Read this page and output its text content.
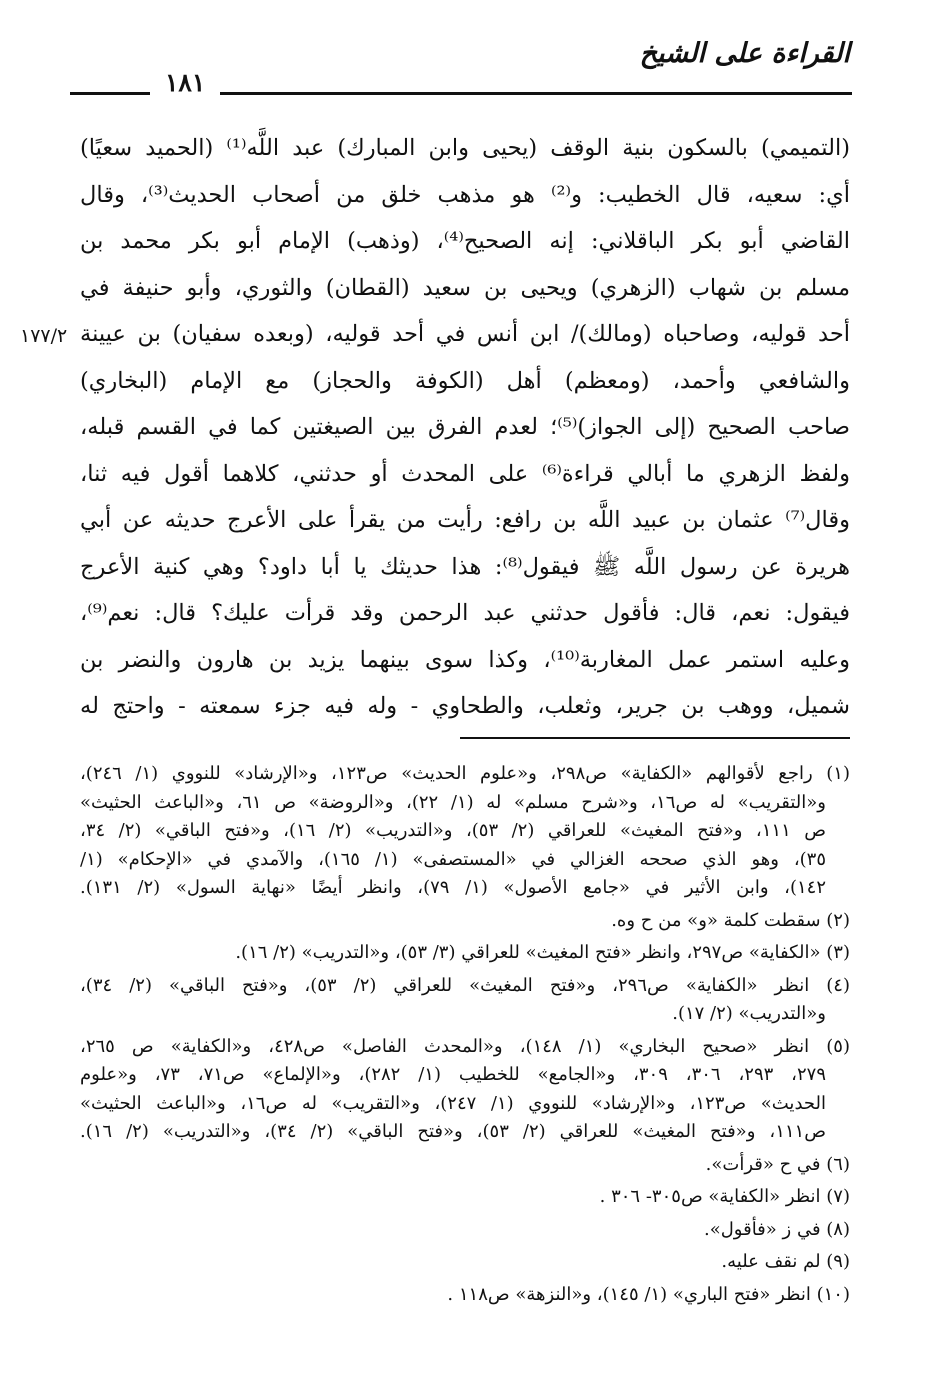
القراءة على الشيخ
١٨١
١٧٧/٢
(التميمي) بالسكون بنية الوقف (يحيى وابن المبارك) عبد اللَّه⁽¹⁾ (الحميد سعيًا)
أي: سعيه، قال الخطيب: و⁽²⁾ هو مذهب خلق من أصحاب الحديث⁽³⁾، وقال
القاضي أبو بكر الباقلاني: إنه الصحيح⁽⁴⁾، (وذهب) الإمام أبو بكر محمد بن
مسلم بن شهاب (الزهري) ويحيى بن سعيد (القطان) والثوري، وأبو حنيفة في
أحد قوليه، وصاحباه (ومالك)/ ابن أنس في أحد قوليه، (وبعده سفيان) بن عيينة
والشافعي وأحمد، (ومعظم) أهل (الكوفة والحجاز) مع الإمام (البخاري)
صاحب الصحيح (إلى الجواز)⁽⁵⁾؛ لعدم الفرق بين الصيغتين كما في القسم قبله،
ولفظ الزهري ما أبالي قراءة⁽⁶⁾ على المحدث أو حدثني، كلاهما أقول فيه ثنا،
وقال⁽⁷⁾ عثمان بن عبيد اللَّه بن رافع: رأيت من يقرأ على الأعرج حديثه عن أبي
هريرة عن رسول اللَّه ﷺ فيقول⁽⁸⁾: هذا حديثك يا أبا داود؟ وهي كنية الأعرج
فيقول: نعم، قال: فأقول حدثني عبد الرحمن وقد قرأت عليك؟ قال: نعم⁽⁹⁾،
وعليه استمر عمل المغاربة⁽¹⁰⁾، وكذا سوى بينهما يزيد بن هارون والنضر بن
شميل، ووهب بن جرير، وثعلب، والطحاوي - وله فيه جزء سمعته - واحتج له
(١) راجع لأقوالهم «الكفاية» ص٢٩٨، و«علوم الحديث» ص١٢٣، و«الإرشاد» للنووي (١/ ٢٤٦)،
و«التقريب» له ص١٦، و«شرح مسلم» له (١/ ٢٢)، و«الروضة» ص ٦١، و«الباعث الحثيث»
ص ١١١، و«فتح المغيث» للعراقي (٢/ ٥٣)، و«التدريب» (٢/ ١٦)، و«فتح الباقي» (٢/ ٣٤،
٣٥)، وهو الذي صححه الغزالي في «المستصفى» (١/ ١٦٥)، والآمدي في «الإحكام» (١/
١٤٢)، وابن الأثير في «جامع الأصول» (١/ ٧٩)، وانظر أيضًا «نهاية السول» (٢/ ١٣١).
(٢) سقطت كلمة «و» من ح وه.
(٣) «الكفاية» ص٢٩٧، وانظر «فتح المغيث» للعراقي (٣/ ٥٣)، و«التدريب» (٢/ ١٦).
(٤) انظر «الكفاية» ص٢٩٦، و«فتح المغيث» للعراقي (٢/ ٥٣)، و«فتح الباقي» (٢/ ٣٤)،
و«التدريب» (٢/ ١٧).
(٥) انظر «صحيح البخاري» (١/ ١٤٨)، و«المحدث الفاصل» ص٤٢٨، و«الكفاية» ص ٢٦٥،
٢٧٩، ٢٩٣، ٣٠٦، ٣٠٩، و«الجامع» للخطيب (١/ ٢٨٢)، و«الإلماع» ص٧١، ٧٣، و«علوم
الحديث» ص١٢٣، و«الإرشاد» للنووي (١/ ٢٤٧)، و«التقريب» له ص١٦، و«الباعث الحثيث»
ص١١١، و«فتح المغيث» للعراقي (٢/ ٥٣)، و«فتح الباقي» (٢/ ٣٤)، و«التدريب» (٢/ ١٦).
(٦) في ح «قرأت».
(٧) انظر «الكفاية» ص٣٠٥- ٣٠٦ .
(٨) في ز «فأقول».
(٩) لم نقف عليه.
(١٠) انظر «فتح الباري» (١/ ١٤٥)، و«النزهة» ص١١٨ .
